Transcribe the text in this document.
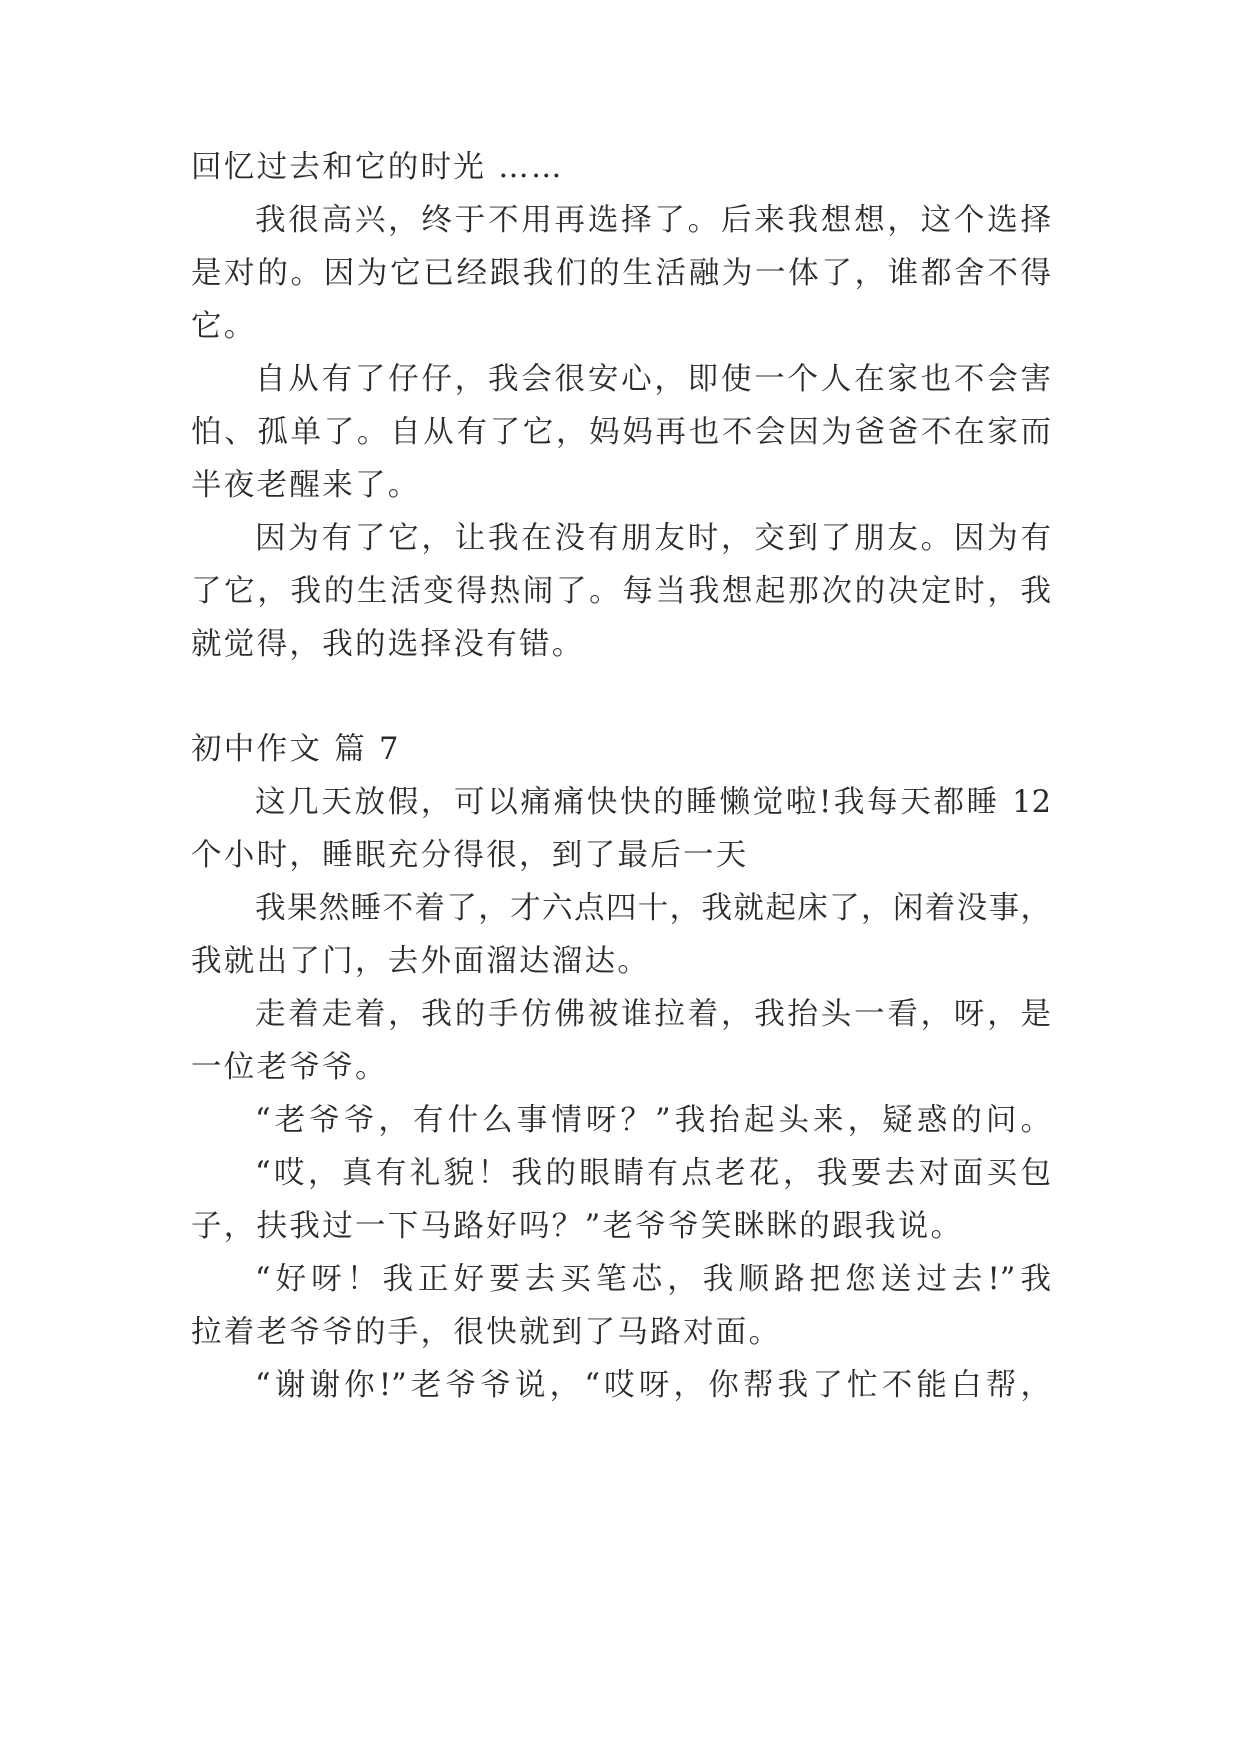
回忆过去和它的时光 ……
我很高兴，终于不用再选择了。后来我想想，这个选择
是对的。因为它已经跟我们的生活融为一体了，谁都舍不得
它。
自从有了仔仔，我会很安心，即使一个人在家也不会害
怕、孤单了。自从有了它，妈妈再也不会因为爸爸不在家而
半夜老醒来了。
因为有了它，让我在没有朋友时，交到了朋友。因为有
了它，我的生活变得热闹了。每当我想起那次的决定时，我
就觉得，我的选择没有错。
初中作文 篇 7
这几天放假，可以痛痛快快的睡懒觉啦!我每天都睡 12
个小时，睡眠充分得很，到了最后一天
我果然睡不着了，才六点四十，我就起床了，闲着没事，
我就出了门，去外面溜达溜达。
走着走着，我的手仿佛被谁拉着，我抬头一看，呀，是
一位老爷爷。
“老爷爷，有什么事情呀？”我抬起头来，疑惑的问。
“哎，真有礼貌！我的眼睛有点老花，我要去对面买包
子，扶我过一下马路好吗？”老爷爷笑眯眯的跟我说。
“好呀！我正好要去买笔芯，我顺路把您送过去!”我
拉着老爷爷的手，很快就到了马路对面。
“谢谢你!”老爷爷说，“哎呀，你帮我了忙不能白帮，
